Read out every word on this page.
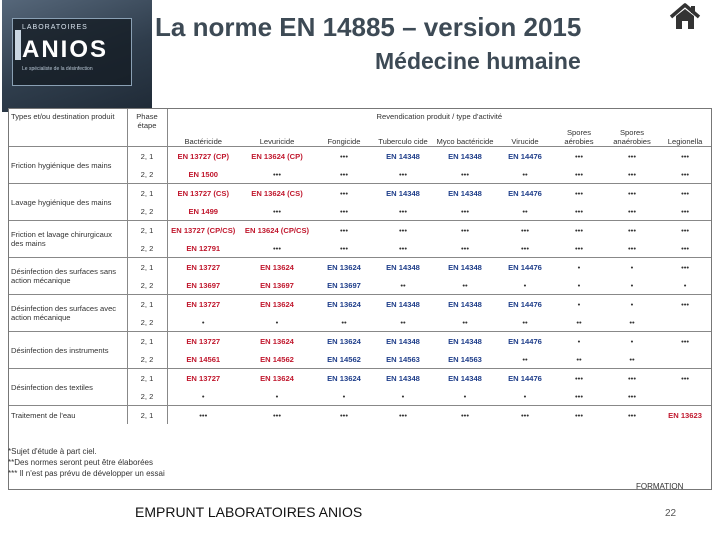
LABORATOIRES
ANIOS
Le spécialiste de la désinfection
La norme EN 14885 – version 2015
Médecine humaine
Types et/ou destination produit	Phase étape	Revendication produit / type d'activité								
		Bactéricide	Levuricide	Fongicide	Tuberculo cide	Myco bactéricide	Virucide	Spores aérobies	Spores anaérobies	Legionella
Friction hygiénique des mains	2, 1	EN 13727 (CP)	EN 13624 (CP)	•••	EN 14348	EN 14348	EN 14476	•••	•••	•••
	2, 2	EN 1500	•••	•••	•••	•••	••	•••	•••	•••
Lavage hygiénique des mains	2, 1	EN 13727 (CS)	EN 13624 (CS)	•••	EN 14348	EN 14348	EN 14476	•••	•••	•••
	2, 2	EN 1499	•••	•••	•••	•••	••	•••	•••	•••
Friction et lavage chirurgicaux des mains	2, 1	EN 13727 (CP/CS)	EN 13624 (CP/CS)	•••	•••	•••	•••	•••	•••	•••
	2, 2	EN 12791	•••	•••	•••	•••	•••	•••	•••	•••
Désinfection des surfaces sans action mécanique	2, 1	EN 13727	EN 13624	EN 13624	EN 14348	EN 14348	EN 14476	•	•	•••
	2, 2	EN 13697	EN 13697	EN 13697	••	••	•	•	•	•
Désinfection des surfaces avec action mécanique	2, 1	EN 13727	EN 13624	EN 13624	EN 14348	EN 14348	EN 14476	•	•	•••
	2, 2	•	•	••	••	••	••	••	••	
Désinfection des instruments	2, 1	EN 13727	EN 13624	EN 13624	EN 14348	EN 14348	EN 14476	•	•	•••
	2, 2	EN 14561	EN 14562	EN 14562	EN 14563	EN 14563	••	••	••	
Désinfection des textiles	2, 1	EN 13727	EN 13624	EN 13624	EN 14348	EN 14348	EN 14476	•••	•••	•••
	2, 2	•	•	•	•	•	•	•••	•••	
Traitement de l'eau	2, 1	•••	•••	•••	•••	•••	•••	•••	•••	EN 13623
*Sujet d'étude à part ciel.
**Des normes seront peut être élaborées
*** Il n'est pas prévu de développer un essai
FORMATION
EMPRUNT LABORATOIRES ANIOS	22
